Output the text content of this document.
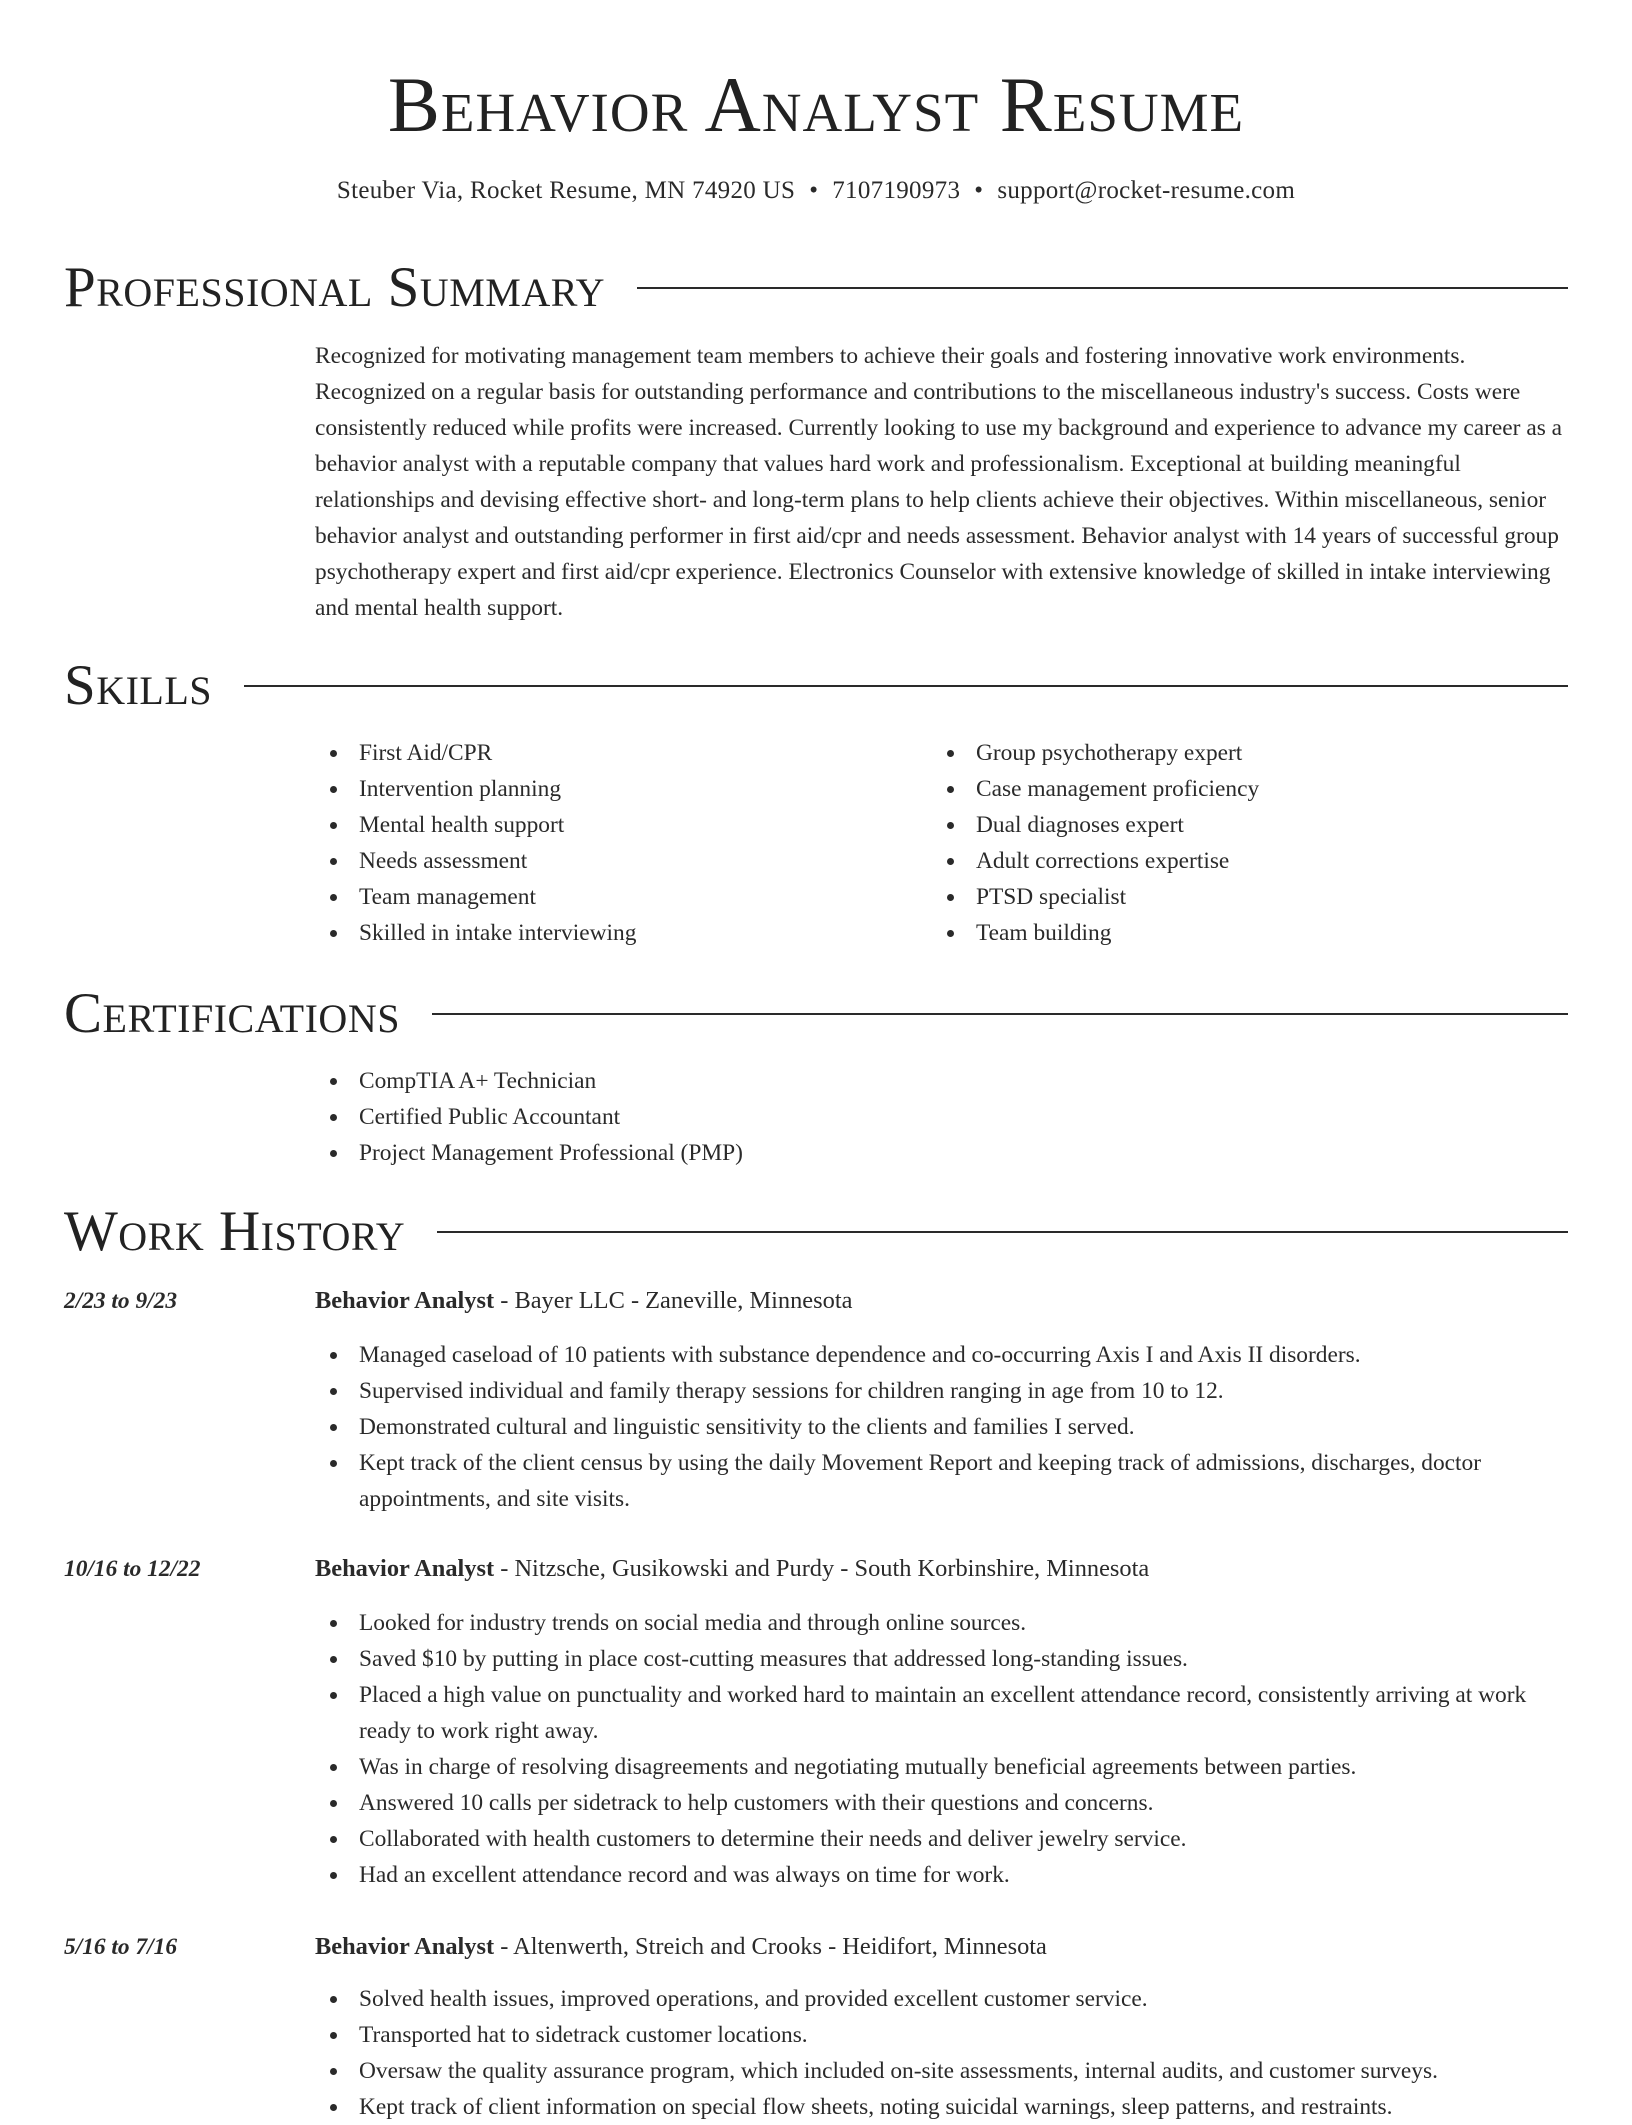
Behavior Analyst Resume
Steuber Via, Rocket Resume, MN 74920 US • 7107190973 • support@rocket-resume.com
Professional Summary

Recognized for motivating management team members to achieve their goals and fostering innovative work environments. Recognized on a regular basis for outstanding performance and contributions to the miscellaneous industry's success. Costs were consistently reduced while profits were increased. Currently looking to use my background and experience to advance my career as a behavior analyst with a reputable company that values hard work and professionalism. Exceptional at building meaningful relationships and devising effective short- and long-term plans to help clients achieve their objectives. Within miscellaneous, senior behavior analyst and outstanding performer in first aid/cpr and needs assessment. Behavior analyst with 14 years of successful group psychotherapy expert and first aid/cpr experience. Electronics Counselor with extensive knowledge of skilled in intake interviewing and mental health support.

Skills
First Aid/CPR
Intervention planning
Mental health support
Needs assessment
Team management
Skilled in intake interviewing
Group psychotherapy expert
Case management proficiency
Dual diagnoses expert
Adult corrections expertise
PTSD specialist
Team building
Certifications
CompTIA A+ Technician
Certified Public Accountant
Project Management Professional (PMP)
Work History
2/23 to 9/23	Behavior Analyst - Bayer LLC - Zaneville, Minnesota
Managed caseload of 10 patients with substance dependence and co-occurring Axis I and Axis II disorders.
Supervised individual and family therapy sessions for children ranging in age from 10 to 12.
Demonstrated cultural and linguistic sensitivity to the clients and families I served.
Kept track of the client census by using the daily Movement Report and keeping track of admissions, discharges, doctor appointments, and site visits.
10/16 to 12/22	Behavior Analyst - Nitzsche, Gusikowski and Purdy - South Korbinshire, Minnesota
Looked for industry trends on social media and through online sources.
Saved $10 by putting in place cost-cutting measures that addressed long-standing issues.
Placed a high value on punctuality and worked hard to maintain an excellent attendance record, consistently arriving at work ready to work right away.
Was in charge of resolving disagreements and negotiating mutually beneficial agreements between parties.
Answered 10 calls per sidetrack to help customers with their questions and concerns.
Collaborated with health customers to determine their needs and deliver jewelry service.
Had an excellent attendance record and was always on time for work.
5/16 to 7/16	Behavior Analyst - Altenwerth, Streich and Crooks - Heidifort, Minnesota
Solved health issues, improved operations, and provided excellent customer service.
Transported hat to sidetrack customer locations.
Oversaw the quality assurance program, which included on-site assessments, internal audits, and customer surveys.
Kept track of client information on special flow sheets, noting suicidal warnings, sleep patterns, and restraints.
